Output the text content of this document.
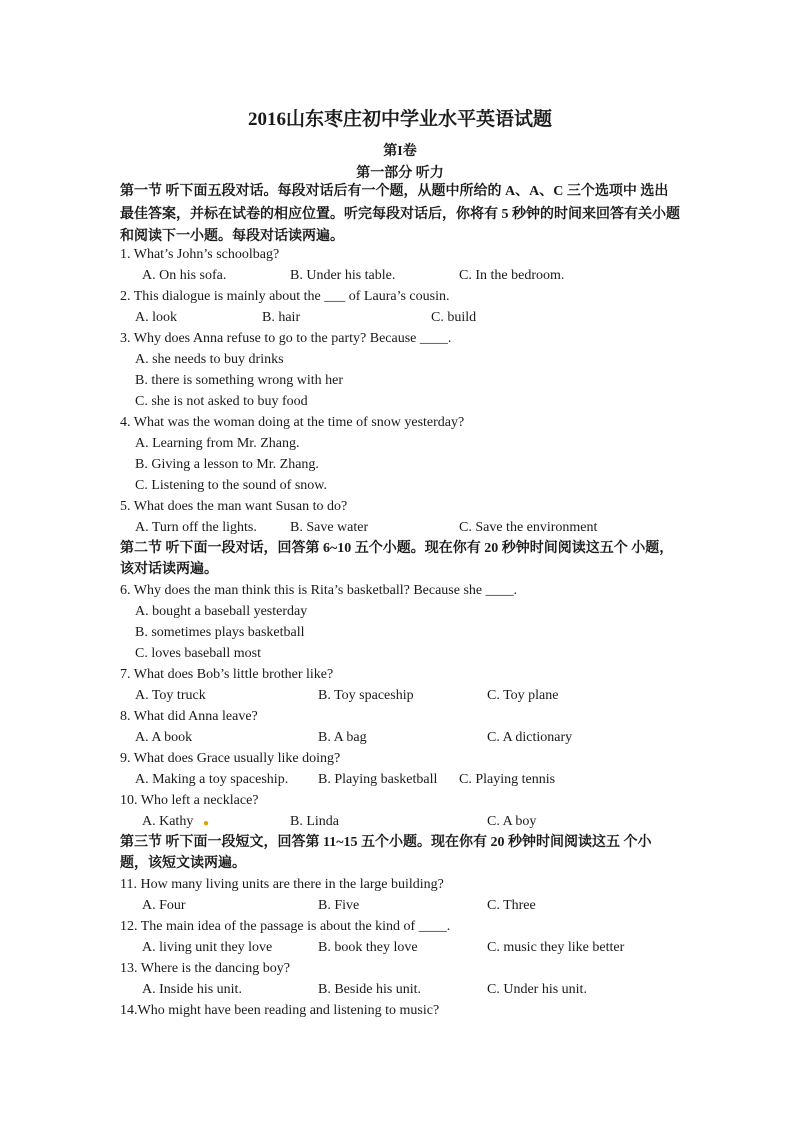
2016山东枣庄初中学业水平英语试题
第I卷
第一部分 听力
第一节 听下面五段对话。每段对话后有一个题，从题中所给的 A、A、C 三个选项中 选出
最佳答案，并标在试卷的相应位置。听完每段对话后，你将有 5 秒钟的时间来回答有关小题
和阅读下一小题。每段对话读两遍。
1. What’s John’s schoolbag?
A. On his sofa.	B. Under his table.	C. In the bedroom.
2. This dialogue is mainly about the ___ of Laura’s cousin.
A. look	B. hair	C. build
3. Why does Anna refuse to go to the party? Because ____.
A. she needs to buy drinks
B. there is something wrong with her
C. she is not asked to buy food
4. What was the woman doing at the time of snow yesterday?
A. Learning from Mr. Zhang.
B. Giving a lesson to Mr. Zhang.
C. Listening to the sound of snow.
5. What does the man want Susan to do?
A. Turn off the lights. B. Save water	C. Save the environment
第二节 听下面一段对话，回答第 6~10 五个小题。现在你有 20 秒钟时间阅读这五个 小题，
该对话读两遍。
6. Why does the man think this is Rita’s basketball? Because she ____.
A. bought a baseball yesterday
B. sometimes plays basketball
C. loves baseball most
7. What does Bob’s little brother like?
A. Toy truck	B. Toy spaceship	C. Toy plane
8. What did Anna leave?
A. A book	B. A bag	C. A dictionary
9. What does Grace usually like doing?
A. Making a toy spaceship. B. Playing basketball C. Playing tennis
10. Who left a necklace?
A. Kathy ●	B. Linda	C. A boy
第三节 听下面一段短文，回答第 11~15 五个小题。现在你有 20 秒钟时间阅读这五 个小
题，该短文读两遍。
11. How many living units are there in the large building?
A. Four	B. Five	C. Three
12. The main idea of the passage is about the kind of ____.
A. living unit they love	B. book they love	C. music they like better
13. Where is the dancing boy?
A. Inside his unit.	B. Beside his unit.	C. Under his unit.
14.Who might have been reading and listening to music?
